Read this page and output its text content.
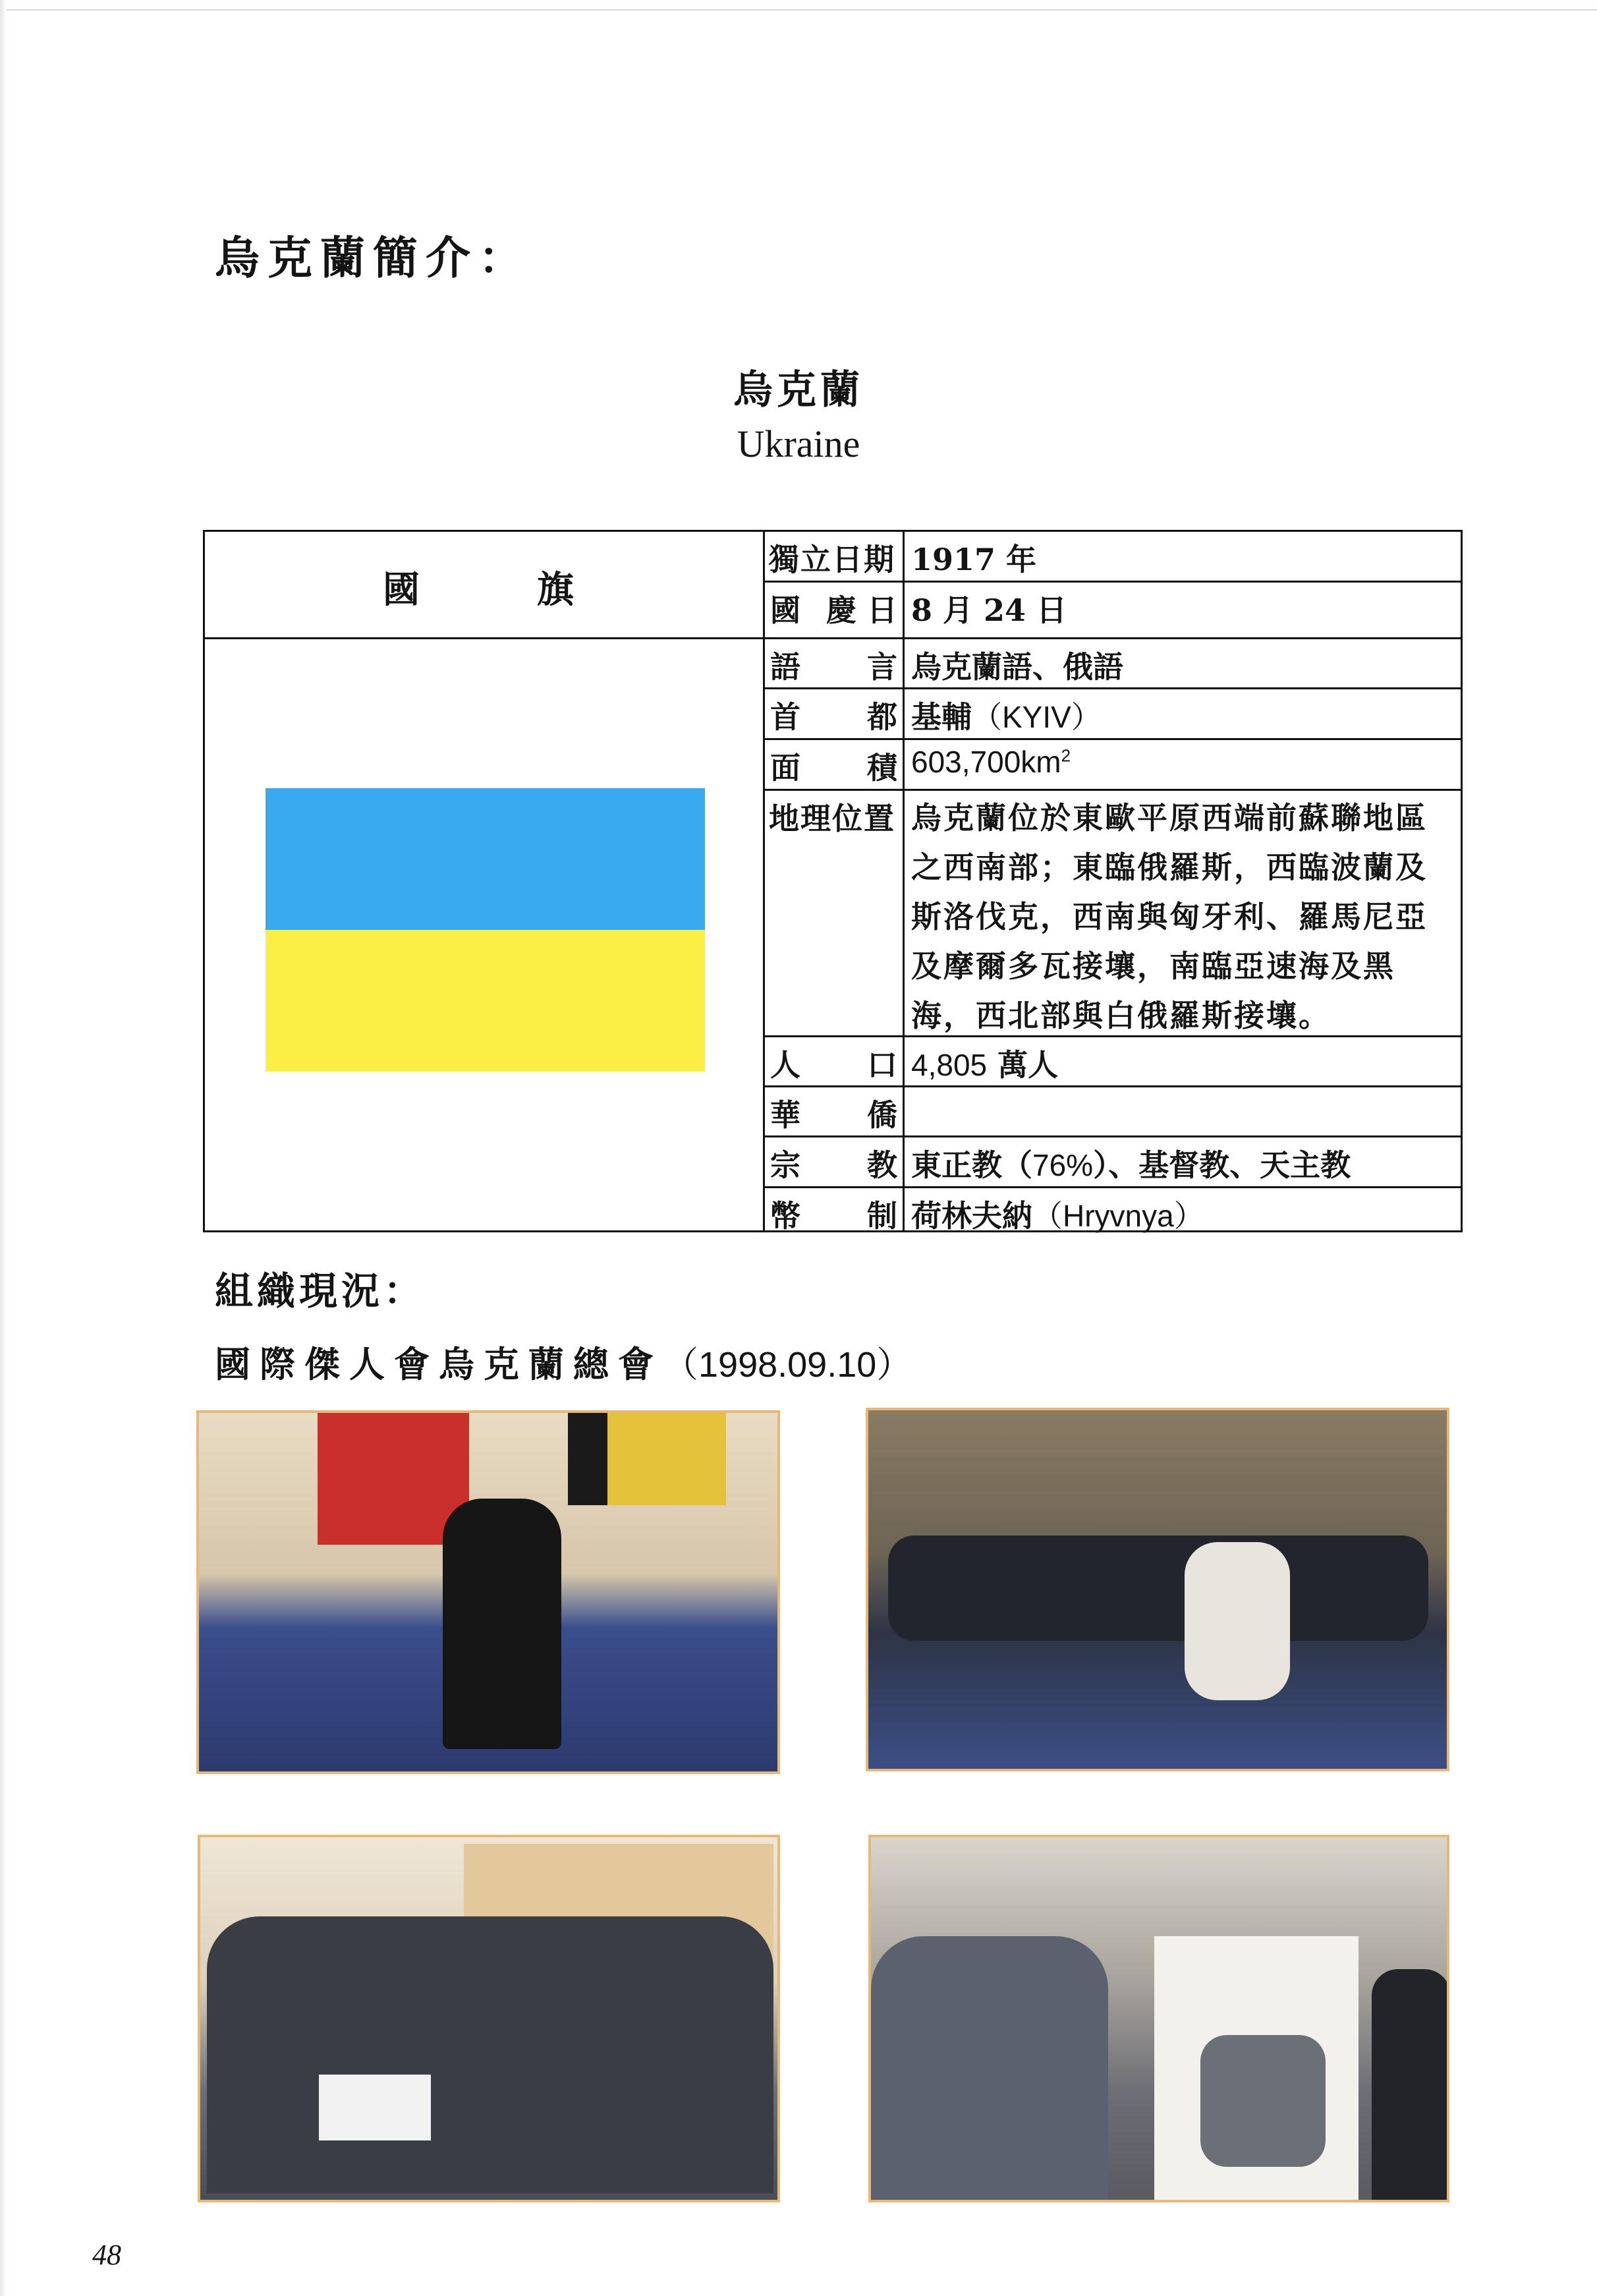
烏克蘭簡介：
烏克蘭
Ukraine
國	旗
獨立日期 1917 年
國 慶 日 8 月 24 日
語 言 烏克蘭語、俄語
首 都 基輔（KYIV）
面 積 $603,700km^2$
地理位置 烏克蘭位於東歐平原西端前蘇聯地區之西南部；東臨俄羅斯，西臨波蘭及斯洛伐克，西南與匈牙利、羅馬尼亞及摩爾多瓦接壤，南臨亞速海及黑海，西北部與白俄羅斯接壤。
人 口 4,805 萬人
華 僑
宗 教 東正教（76%）、基督教、天主教
幣 制 荷林夫納（Hryvnya）
組織現況：
國際傑人會烏克蘭總會（1998.09.10）
48
